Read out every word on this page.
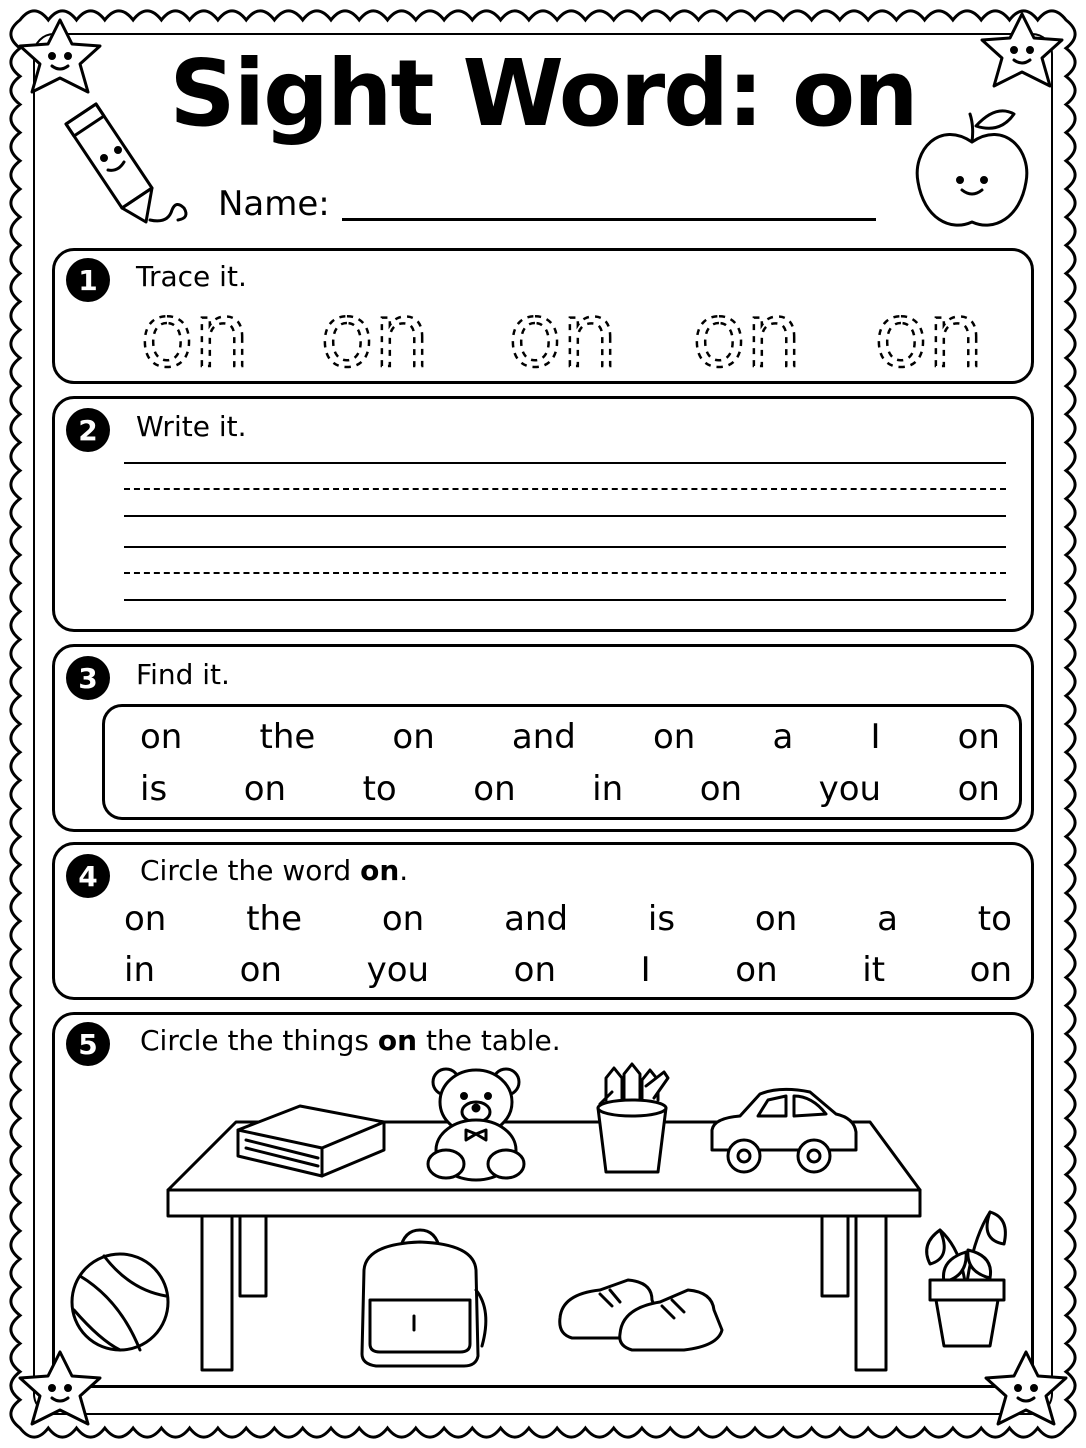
Sight Word: on
Name:
1	Trace it.
on on on on on
2	Write it.
3	Find it.
on the on and on a I on
is on to on in on you on
4	Circle the word on.
on the on and is on a to
in on you on I on it on
5	Circle the things on the table.
